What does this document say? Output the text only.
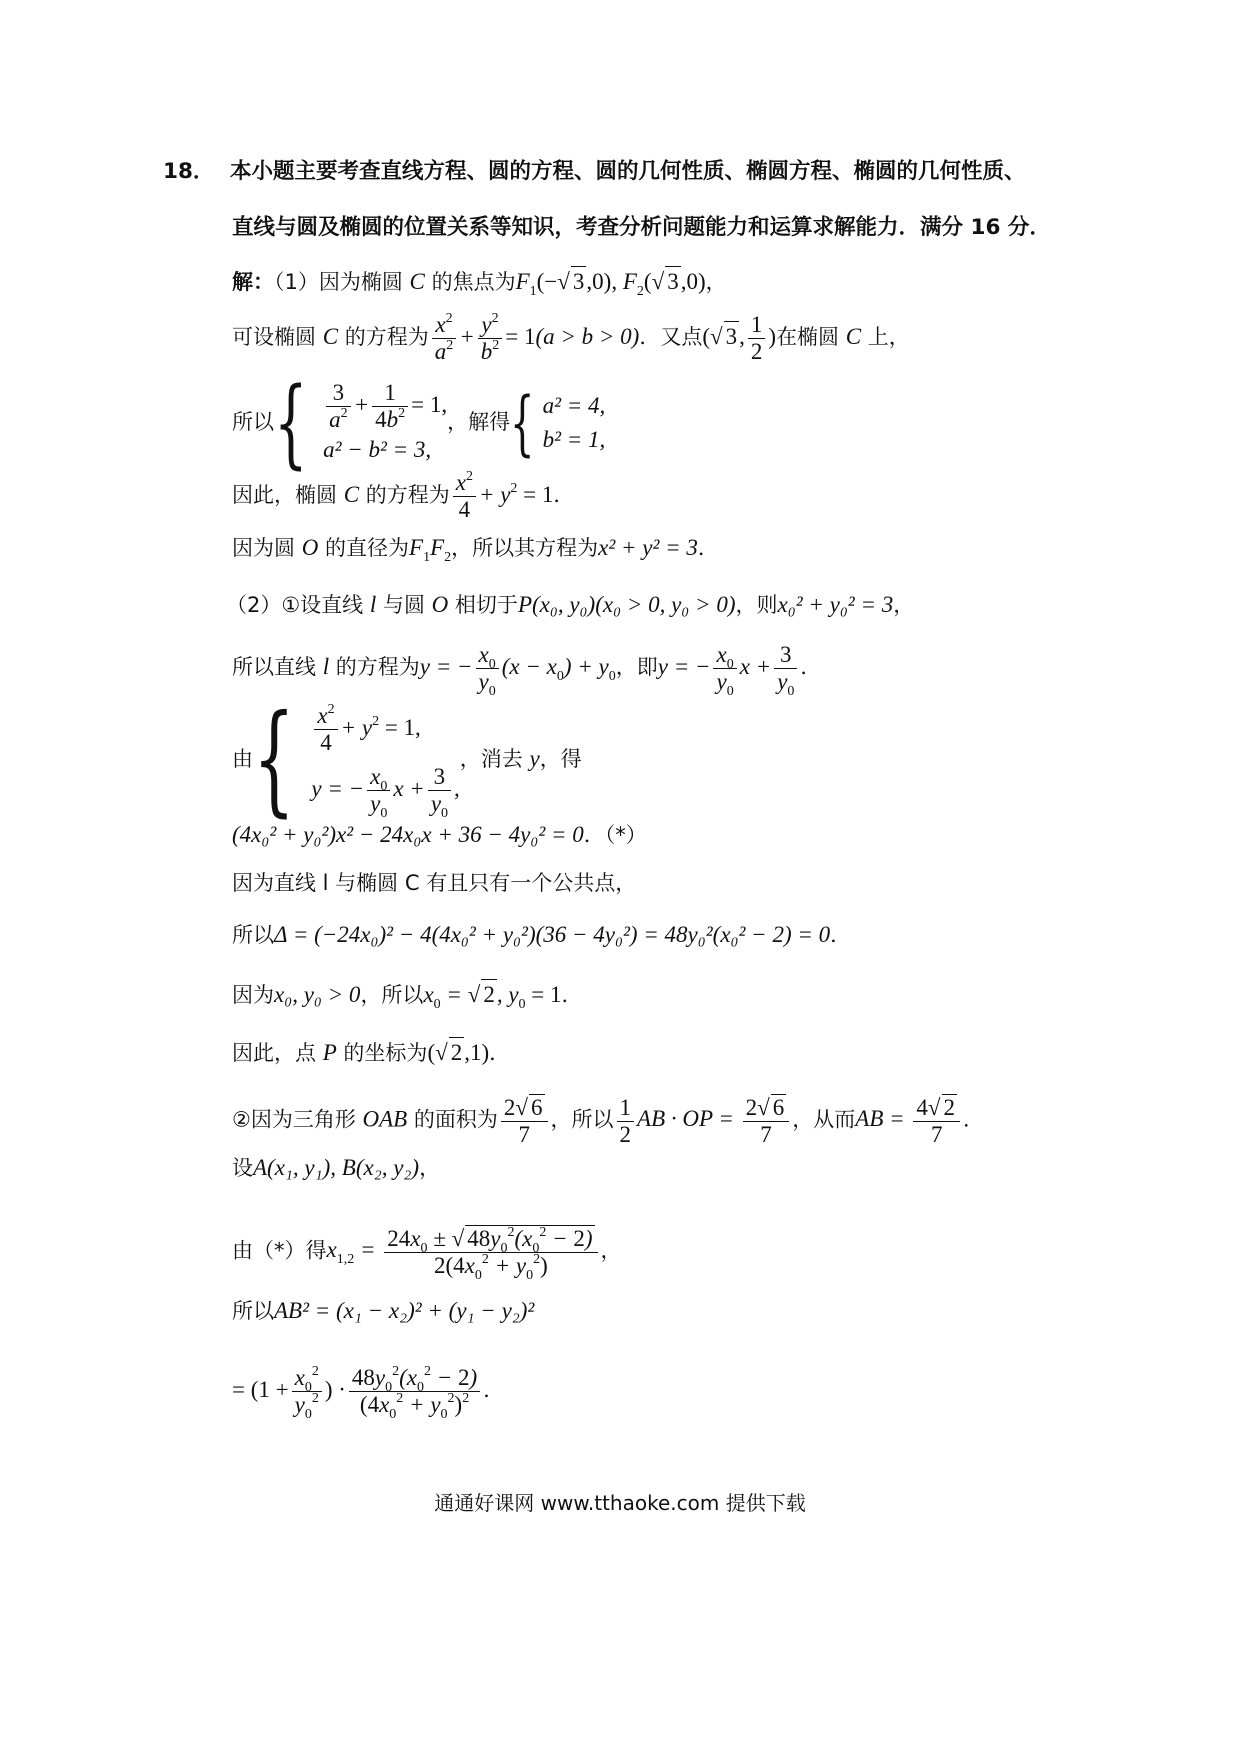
18． 本小题主要考查直线方程、圆的方程、圆的几何性质、椭圆方程、椭圆的几何性质、
直线与圆及椭圆的位置关系等知识，考查分析问题能力和运算求解能力．满分 16 分．
解：（1）因为椭圆 C 的焦点为$F_1(-√$ 3,0), $F_2(√$ 3,0)，
可设椭圆 C 的方程为 $\frac{x^2}{a^2} + \frac{y^2}{b^2} = 1(a > b > 0)$．又点(√ 3, $\frac{1}{2}$ )在椭圆 C 上，
所以{ $\frac{3}{a^2} + \frac{1}{4b^2} = 1$,
a² − b² = 3,
，解得{ a² = 4,
b² = 1,
因此，椭圆 C 的方程为 $\frac{x^2}{4} + y^2 = 1$．
因为圆 O 的直径为$F_1F_2$，所以其方程为x² + y² = 3．
（2）①设直线 l 与圆 O 相切于P(x₀, y₀)(x₀ > 0, y₀ > 0)，则x₀² + y₀² = 3，
所以直线 l 的方程为y = − $\frac{x_0}{y_0} (x - x_0) + y_0$，即y = − $\frac{x_0}{y_0}$ $x + \frac{3}{y_0}$ ．
由{ $\frac{x^2}{4} + y^2 = 1$,
y = − $\frac{x_0}{y_0}$ $x + \frac{3}{y_0}$ ,
，消去 y，得
(4x₀² + y₀²)x² − 24x₀x + 36 − 4y₀² = 0．（*）
因为直线 l 与椭圆 C 有且只有一个公共点，
所以Δ = (−24x₀)² − 4(4x₀² + y₀²)(36 − 4y₀²) = 48y₀²(x₀² − 2) = 0．
因为x₀, y₀ > 0，所以$x_0$ = √ 2, $y_0 = 1$．
因此，点 P 的坐标为(√ 2,1)．
②因为三角形 OAB 的面积为 $\frac{2√ 6}{7}$ ，所以 $\frac{1}{2}$ AB · OP = $\frac{2√ 6}{7}$ ，从而AB = $\frac{4√ 2}{7}$ ．
设A(x₁, y₁), B(x₂, y₂)，
由（*）得$x_{1,2} = \frac{24x_0 \pm √ 48y_0^2(x_0^2 - 2)}{2(4x_0^2 + y_0^2)}$ ，
所以AB² = (x₁ − x₂)² + (y₁ − y₂)²
= ($1 + \frac{x_0^2}{y_0^2}$ ) · $\frac{48y_0^2(x_0^2 - 2)}{(4x_0^2 + y_0^2)^2}$ ．
通通好课网 www.tthaoke.com 提供下载
